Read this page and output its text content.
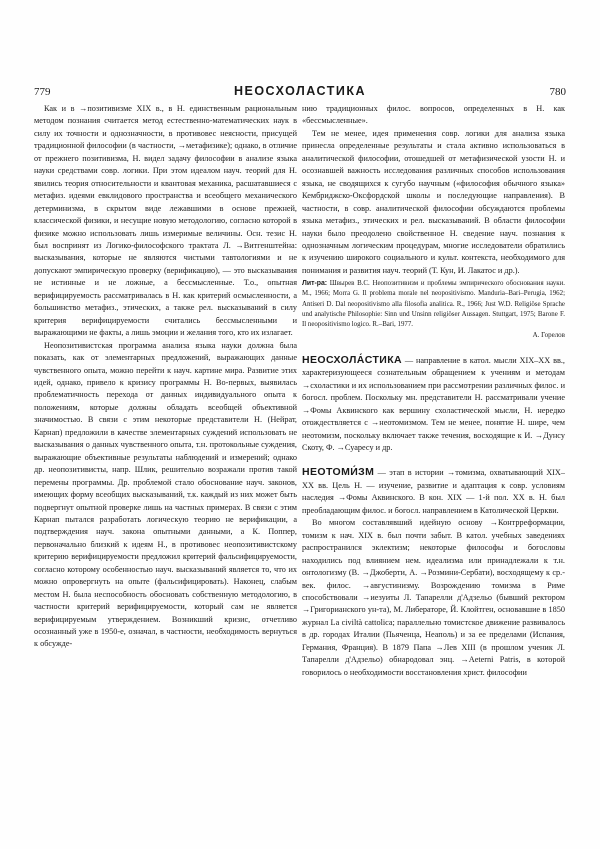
779	НЕОСХОЛАСТИКА	780

Как и в →позитивизме XIX в., в Н. единственным рациональным методом познания считается метод естественно-математических наук в силу их точности и однозначности, в противовес неясности, присущей традиционной философии (в частности, →метафизике); однако, в отличие от прежнего позитивизма, Н. видел задачу философии в анализе языка науки средствами совр. логики. При этом идеалом науч. теорий для Н. явились теория относительности и квантовая механика, расшатавшиеся с метафиз. идеями евклидового пространства и всеобщего механического детерминизма, в скрытом виде лежавшими в основе прежней, классической физики, и несущие новую методологию, согласно которой в физике можно использовать лишь измеримые величины. Осн. тезис Н. был воспринят из Логико-философского трактата Л. →Витгенштейна: высказывания, которые не являются чистыми тавтологиями и не допускают эмпирическую проверку (верификацию), — это высказывания не истинные и не ложные, а бессмысленные. Т.о., опытная верифицируемость рассматривалась в Н. как критерий осмысленности, а большинство метафиз., этических, а также рел. высказываний в силу критерия верифицируемости считались бессмысленными и выражающими не факты, а лишь эмоции и желания того, кто их излагает.

Неопозитивистская программа анализа языка науки должна была показать, как от элементарных предложений, выражающих данные чувственного опыта, можно перейти к науч. картине мира. Развитие этих идей, однако, привело к кризису программы Н. Во-первых, выявилась проблематичность перехода от данных индивидуального опыта к положениям, которые должны обладать всеобщей объективной значимостью. В связи с этим некоторые представители Н. (Нейрат, Карнап) предложили в качестве элементарных суждений использовать не высказывания о данных чувственного опыта, т.н. протокольные суждения, выражающие объективные результаты наблюдений и измерений; однако др. неопозитивисты, напр. Шлик, решительно возражали против такой перемены программы. Др. проблемой стало обоснование науч. законов, имеющих форму всеобщих высказываний, т.к. каждый из них может быть подвергнут опытной проверке лишь на частных примерах. В связи с этим Карнап пытался разработать логическую теорию не верификации, а подтверждения науч. закона опытными данными, а К. Поппер, первоначально близкий к идеям Н., в противовес неопозитивистскому критерию верифицируемости предложил критерий фальсифицируемости, согласно которому особенностью науч. высказываний является то, что их можно опровергнуть на опыте (фальсифицировать). Наконец, слабым местом Н. была неспособность обосновать собственную методологию, в частности критерий верифицируемости, который сам не является верифицируемым утверждением. Возникший кризис, отчетливо осознанный уже в 1950-е, означал, в частности, необходимость вернуться к обсужде-

нию традиционных филос. вопросов, определенных в Н. как «бессмысленные».

Тем не менее, идея применения совр. логики для анализа языка принесла определенные результаты и стала активно использоваться в аналитической философии, отошедшей от метафизической узости Н. и осознавшей важность исследования различных способов использования языка, не сводящихся к сугубо научным («философия обычного языка» Кембриджско-Оксфордской школы и последующие направления). В частности, в совр. аналитической философии обсуждаются проблемы языка метафиз., этических и рел. высказываний. В области философии науки было преодолено свойственное Н. сведение науч. познания к однозначным логическим процедурам, многие исследователи обратились к изучению широкого социального и культ. контекста, необходимого для понимания и развития науч. теорий (Т. Кун, И. Лакатос и др.).

Лит-ра: Швырев В.С. Неопозитивизм и проблемы эмпирического обоснования науки. М., 1966; Morra G. Il problema morale nel neopositivismo. Manduria–Bari–Perugia, 1962; Antiseri D. Dal neopositivismo alla filosofia analitica. R., 1966; Just W.D. Religiöse Sprache und analytische Philosophie: Sinn und Unsinn religiöser Aussagen. Stuttgart, 1975; Barone F. Il neopositivismo logico. R.–Bari, 1977.

А. Горелов

НЕОСХОЛА́СТИКА — направление в катол. мысли XIX–XX вв., характеризующееся сознательным обращением к учениям и методам →схоластики и их использованием при рассмотрении различных филос. и богосл. проблем. Поскольку мн. представители Н. рассматривали учение →Фомы Аквинского как вершину схоластической мысли, Н. нередко отождествляется с →неотомизмом. Тем не менее, понятие Н. шире, чем неотомизм, поскольку включает также течения, восходящие к И. →Дунсу Скоту, Ф. →Суаресу и др.

НЕОТОМИ́ЗМ — этап в истории →томизма, охватывающий XIX–XX вв. Цель Н. — изучение, развитие и адаптация к совр. условиям наследия →Фомы Аквинского. В кон. XIX — 1-й пол. XX в. Н. был преобладающим филос. и богосл. направлением в Католической Церкви.

Во многом составлявший идейную основу →Контрреформации, томизм к нач. XIX в. был почти забыт. В катол. учебных заведениях распространился эклектизм; некоторые философы и богословы находились под влиянием нем. идеализма или принадлежали к т.н. онтологизму (В. →Джоберти, А. →Розмини-Сербати), восходящему к ср.-век. филос. →августинизму. Возрождению томизма в Риме способствовали →иезуиты Л. Тапарелли д'Адзельо (бывший ректором →Григорианского ун-та), М. Либераторе, Й. Клойтген, основавшие в 1850 журнал La civiltà cattolica; параллельно томистское движение развивалось в др. городах Италии (Пьяченца, Неаполь) и за ее пределами (Испания, Германия, Франция). В 1879 Папа →Лев XIII (в прошлом ученик Л. Тапарелли д'Адзельо) обнародовал энц. →Aeterni Patris, в которой говорилось о необходимости восстановления христ. философии
